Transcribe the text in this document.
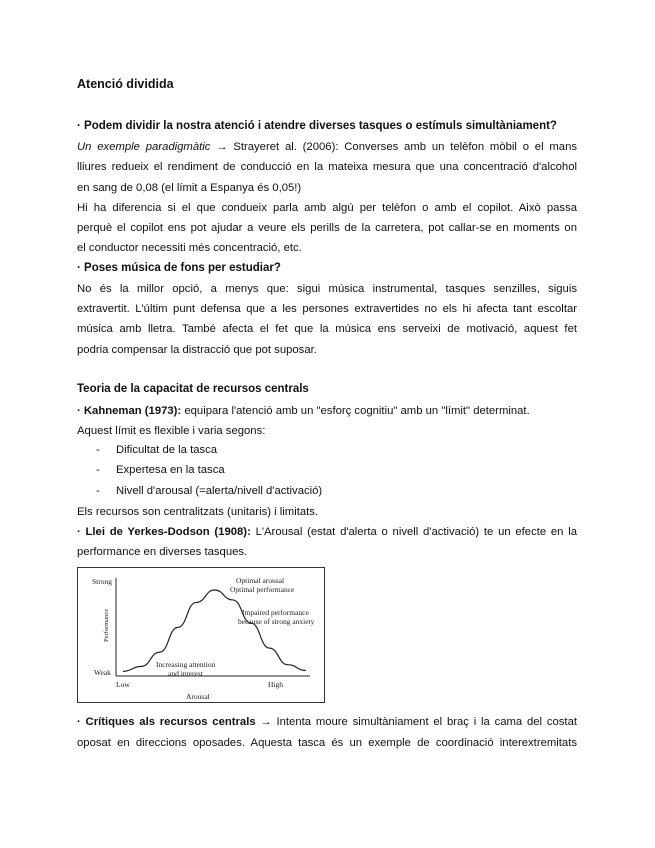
Atenció dividida
· Podem dividir la nostra atenció i atendre diverses tasques o estímuls simultàniament?
Un exemple paradigmàtic → Strayeret al. (2006): Converses amb un telèfon mòbil o el mans
lliures redueix el rendiment de conducció en la mateixa mesura que una concentració d'alcohol
en sang de 0,08 (el límit a Espanya és 0,05!)
Hi ha diferencia si el que condueix parla amb algú per telèfon o amb el copilot. Això passa
perquè el copilot ens pot ajudar a veure els perills de la carretera, pot callar-se en moments on
el conductor necessiti més concentració, etc.
· Poses música de fons per estudiar?
No és la millor opció, a menys que: sigui música instrumental, tasques senzilles, siguis
extravertit. L'últim punt defensa que a les persones extravertides no els hi afecta tant escoltar
música amb lletra. També afecta el fet que la música ens serveixi de motivació, aquest fet
podria compensar la distracció que pot suposar.
Teoria de la capacitat de recursos centrals
· Kahneman (1973): equipara l'atenció amb un "esforç cognitiu" amb un "límit" determinat.
Aquest límit es flexible i varia segons:
- Dificultat de la tasca
- Expertesa en la tasca
- Nivell d'arousal (=alerta/nivell d'activació)
Els recursos son centralitzats (unitaris) i limitats.
· Llei de Yerkes-Dodson (1908): L'Arousal (estat d'alerta o nivell d'activació) te un efecte en la
performance en diverses tasques.
Strong
Weak
Low	High
Arousal
Performance
Optimal arousal
Optimal performance
Impaired performance
because of strong anxiety
Increasing attention
and interest
· Crítiques als recursos centrals → Intenta moure simultàniament el braç i la cama del costat
oposat en direccions oposades. Aquesta tasca és un exemple de coordinació interextremitats
